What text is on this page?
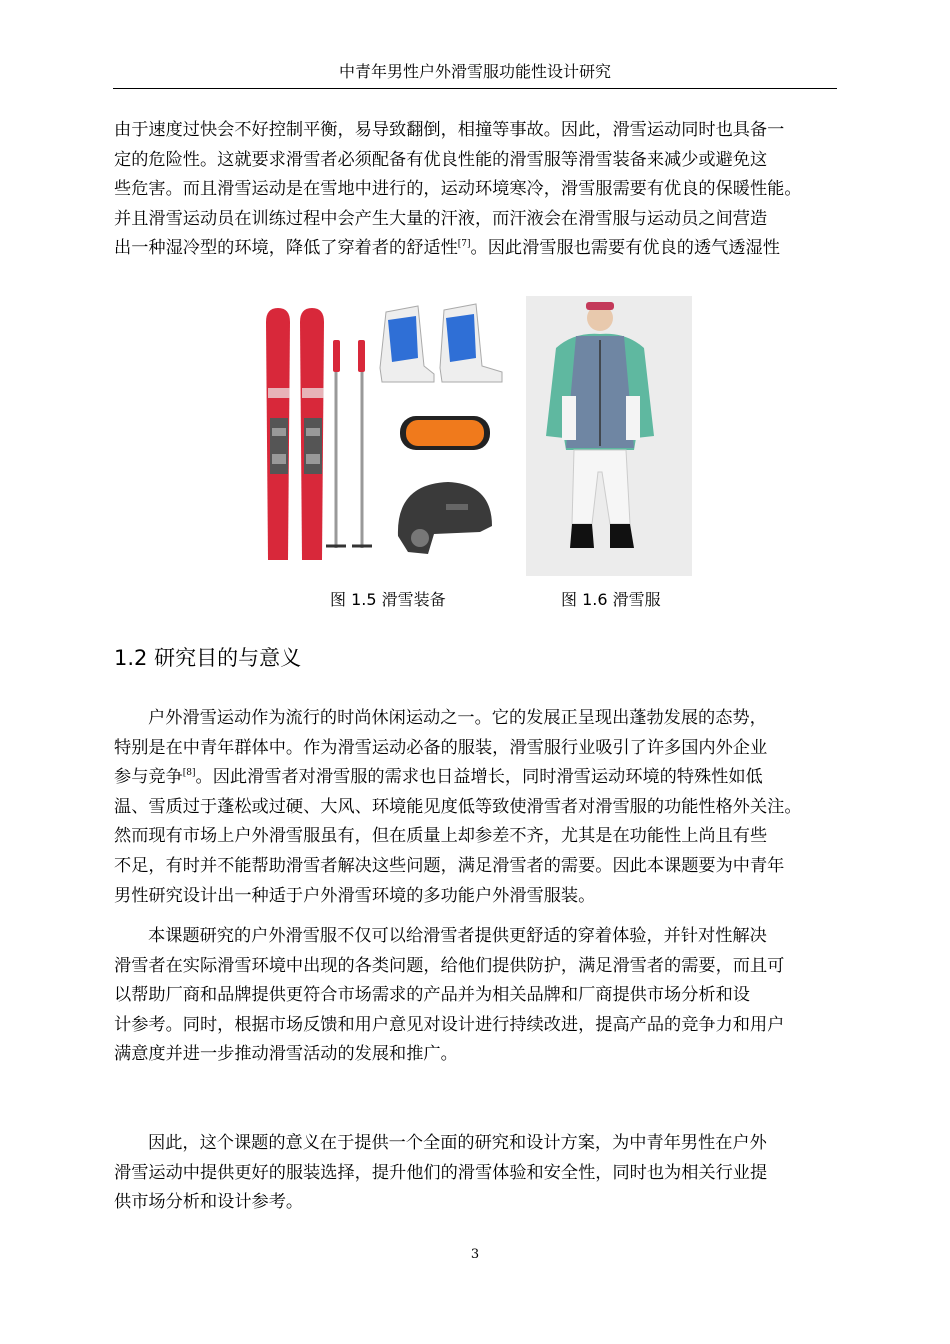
中青年男性户外滑雪服功能性设计研究

由于速度过快会不好控制平衡，易导致翻倒，相撞等事故。因此，滑雪运动同时也具备一
定的危险性。这就要求滑雪者必须配备有优良性能的滑雪服等滑雪装备来减少或避免这
些危害。而且滑雪运动是在雪地中进行的，运动环境寒冷，滑雪服需要有优良的保暖性能。
并且滑雪运动员在训练过程中会产生大量的汗液，而汗液会在滑雪服与运动员之间营造
出一种湿冷型的环境，降低了穿着者的舒适性[7]。因此滑雪服也需要有优良的透气透湿性

图 1.5 滑雪装备	图 1.6 滑雪服
1.2 研究目的与意义

户外滑雪运动作为流行的时尚休闲运动之一。它的发展正呈现出蓬勃发展的态势，
特别是在中青年群体中。作为滑雪运动必备的服装，滑雪服行业吸引了许多国内外企业
参与竞争[8]。因此滑雪者对滑雪服的需求也日益增长，同时滑雪运动环境的特殊性如低
温、雪质过于蓬松或过硬、大风、环境能见度低等致使滑雪者对滑雪服的功能性格外关注。
然而现有市场上户外滑雪服虽有，但在质量上却参差不齐，尤其是在功能性上尚且有些
不足，有时并不能帮助滑雪者解决这些问题，满足滑雪者的需要。因此本课题要为中青年
男性研究设计出一种适于户外滑雪环境的多功能户外滑雪服装。

本课题研究的户外滑雪服不仅可以给滑雪者提供更舒适的穿着体验，并针对性解决
滑雪者在实际滑雪环境中出现的各类问题，给他们提供防护，满足滑雪者的需要，而且可
以帮助厂商和品牌提供更符合市场需求的产品并为相关品牌和厂商提供市场分析和设
计参考。同时，根据市场反馈和用户意见对设计进行持续改进，提高产品的竞争力和用户
满意度并进一步推动滑雪活动的发展和推广。

因此，这个课题的意义在于提供一个全面的研究和设计方案，为中青年男性在户外
滑雪运动中提供更好的服装选择，提升他们的滑雪体验和安全性，同时也为相关行业提
供市场分析和设计参考。

3
